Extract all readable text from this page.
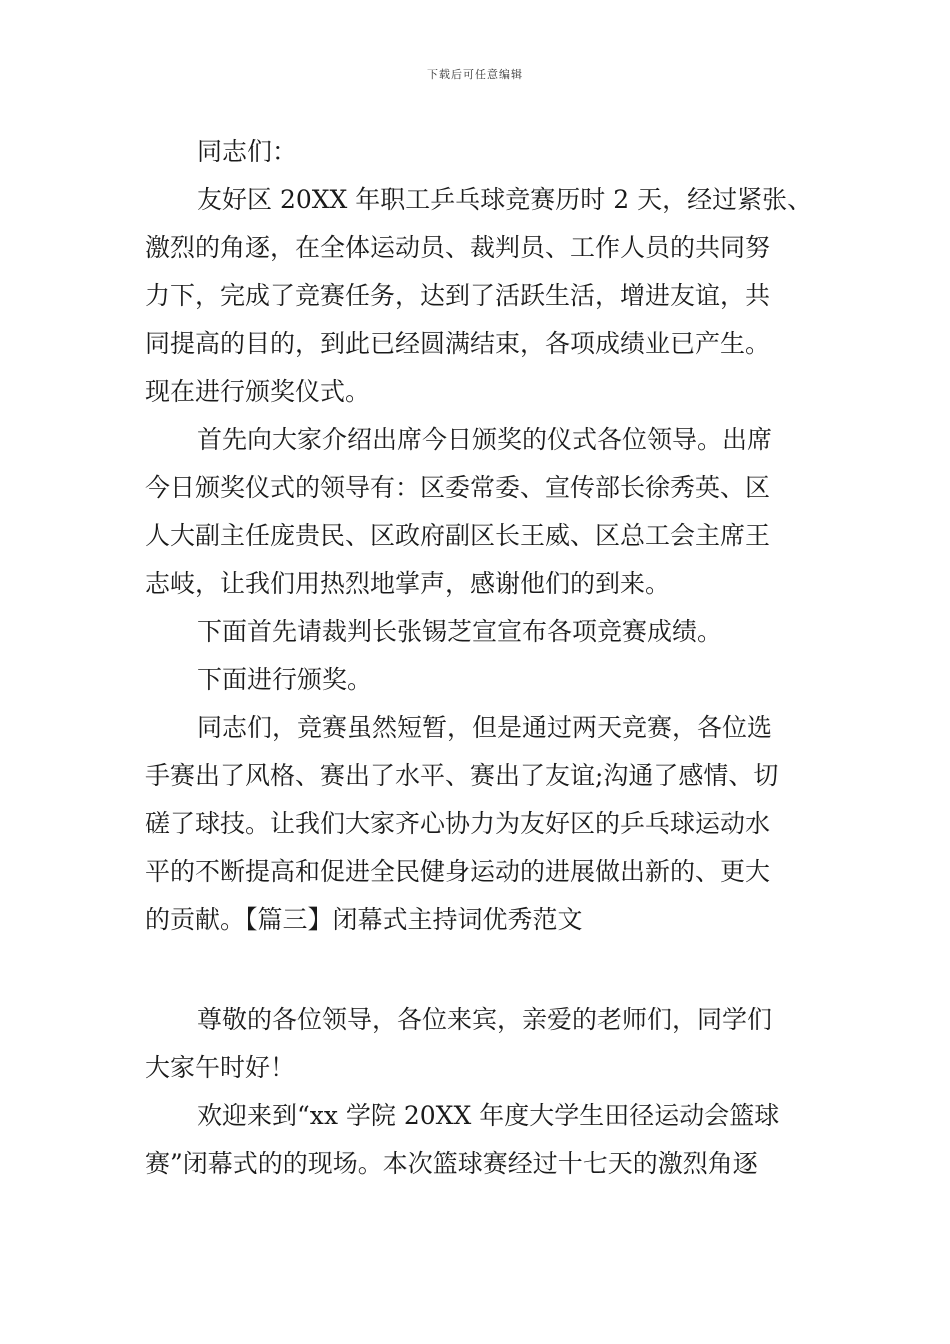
下载后可任意编辑
同志们：
友好区 20XX 年职工乒乓球竞赛历时 2 天，经过紧张、
激烈的角逐，在全体运动员、裁判员、工作人员的共同努
力下，完成了竞赛任务，达到了活跃生活，增进友谊，共
同提高的目的，到此已经圆满结束，各项成绩业已产生。
现在进行颁奖仪式。
首先向大家介绍出席今日颁奖的仪式各位领导。出席
今日颁奖仪式的领导有：区委常委、宣传部长徐秀英、区
人大副主任庞贵民、区政府副区长王威、区总工会主席王
志岐，让我们用热烈地掌声，感谢他们的到来。
下面首先请裁判长张锡芝宣宣布各项竞赛成绩。
下面进行颁奖。
同志们，竞赛虽然短暂，但是通过两天竞赛，各位选
手赛出了风格、赛出了水平、赛出了友谊;沟通了感情、切
磋了球技。让我们大家齐心协力为友好区的乒乓球运动水
平的不断提高和促进全民健身运动的进展做出新的、更大
的贡献。【篇三】闭幕式主持词优秀范文
尊敬的各位领导，各位来宾，亲爱的老师们，同学们
大家午时好！
欢迎来到“xx 学院 20XX 年度大学生田径运动会篮球
赛”闭幕式的的现场。本次篮球赛经过十七天的激烈角逐
